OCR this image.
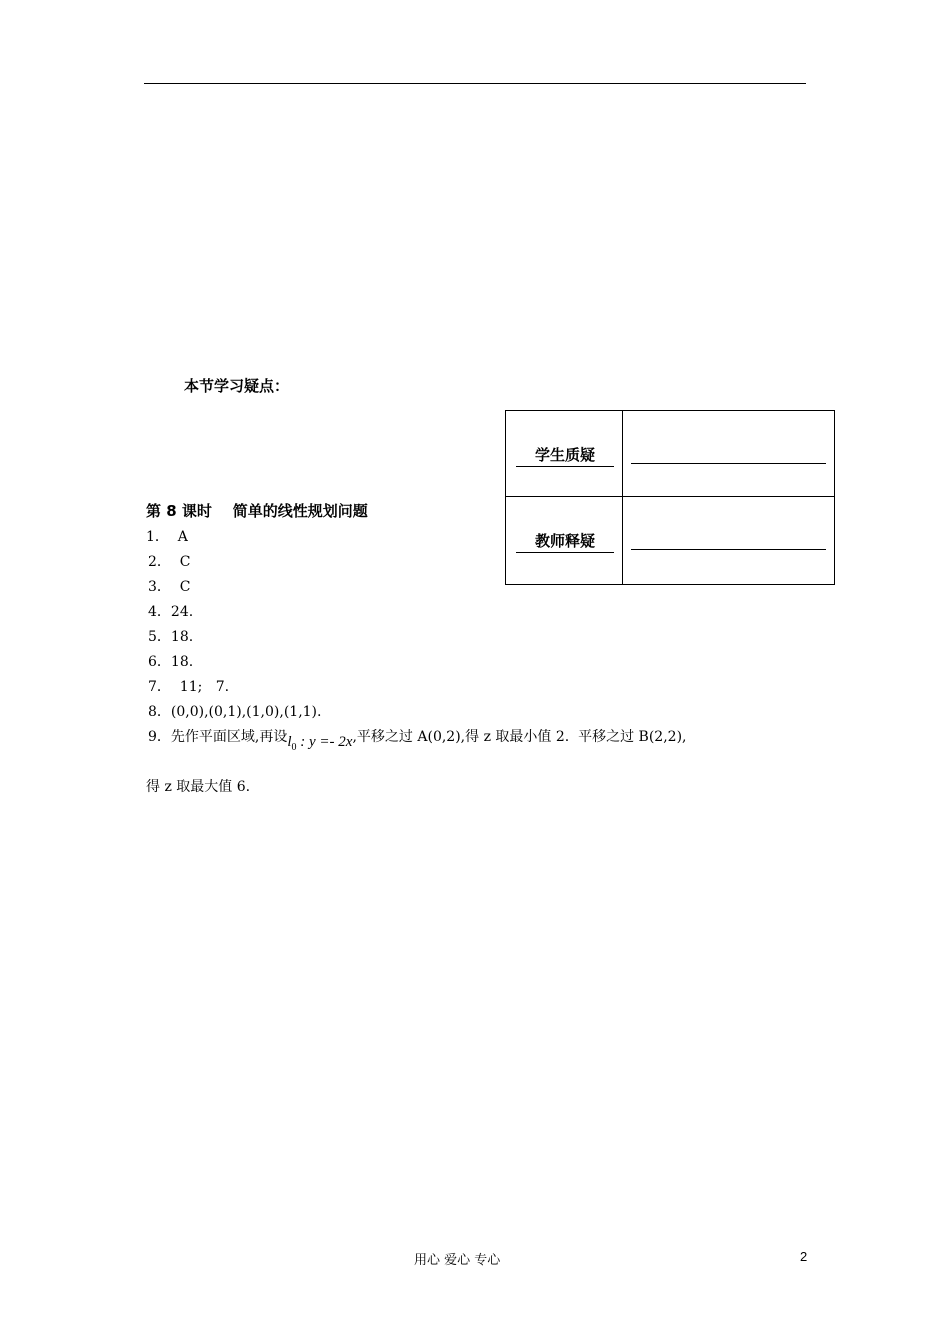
本节学习疑点：
学生质疑	

教师释疑	

第 8 课时    简单的线性规划问题
1．  A
2．  C
3．  C
4．24.
5．18.
6．18.
7．  11;   7.
8．(0,0),(0,1),(1,0),(1,1).
9．先作平面区域,再设$l_0$ : y =- 2x,平移之过 A(0,2),得 z 取最小值 2.  平移之过 B(2,2),
得 z 取最大值 6.
用心 爱心 专心	2
